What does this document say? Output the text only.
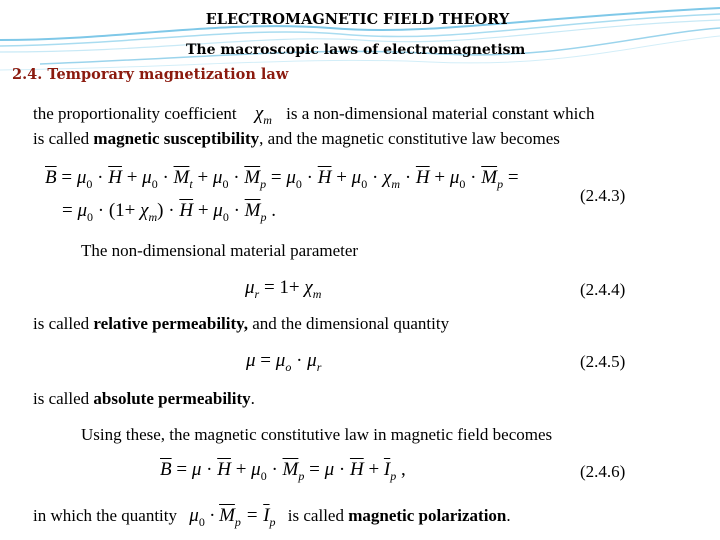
ELECTROMAGNETIC FIELD THEORY
The macroscopic laws of electromagnetism
2.4. Temporary magnetization law
the proportionality coefficient $\chi_m$ is a non-dimensional material constant which
is called magnetic susceptibility, and the magnetic constitutive law becomes
$\overline{B} = \mu_0 \cdot \overline{H} + \mu_0 \cdot \overline{M}_t + \mu_0 \cdot \overline{M}_p = \mu_0 \cdot \overline{H} + \mu_0 \cdot \chi_m \cdot \overline{H} + \mu_0 \cdot \overline{M}_p$ =
= $\mu_0 \cdot (1+ \chi_m) \cdot \overline{H} + \mu_0 \cdot \overline{M}_p$ .
(2.4.3)
The non-dimensional material parameter
$\mu_r = 1+ \chi_m$	(2.4.4)
is called relative permeability, and the dimensional quantity
$\mu = \mu_o \cdot \mu_r$	(2.4.5)
is called absolute permeability.
Using these, the magnetic constitutive law in magnetic field becomes
$\overline{B} = \mu \cdot \overline{H} + \mu_0 \cdot \overline{M}_p = \mu \cdot \overline{H} + \overline{I}_p$ ,	(2.4.6)
in which the quantity $\mu_0 \cdot \overline{M}_p = \overline{I}_p$ is called magnetic polarization.
